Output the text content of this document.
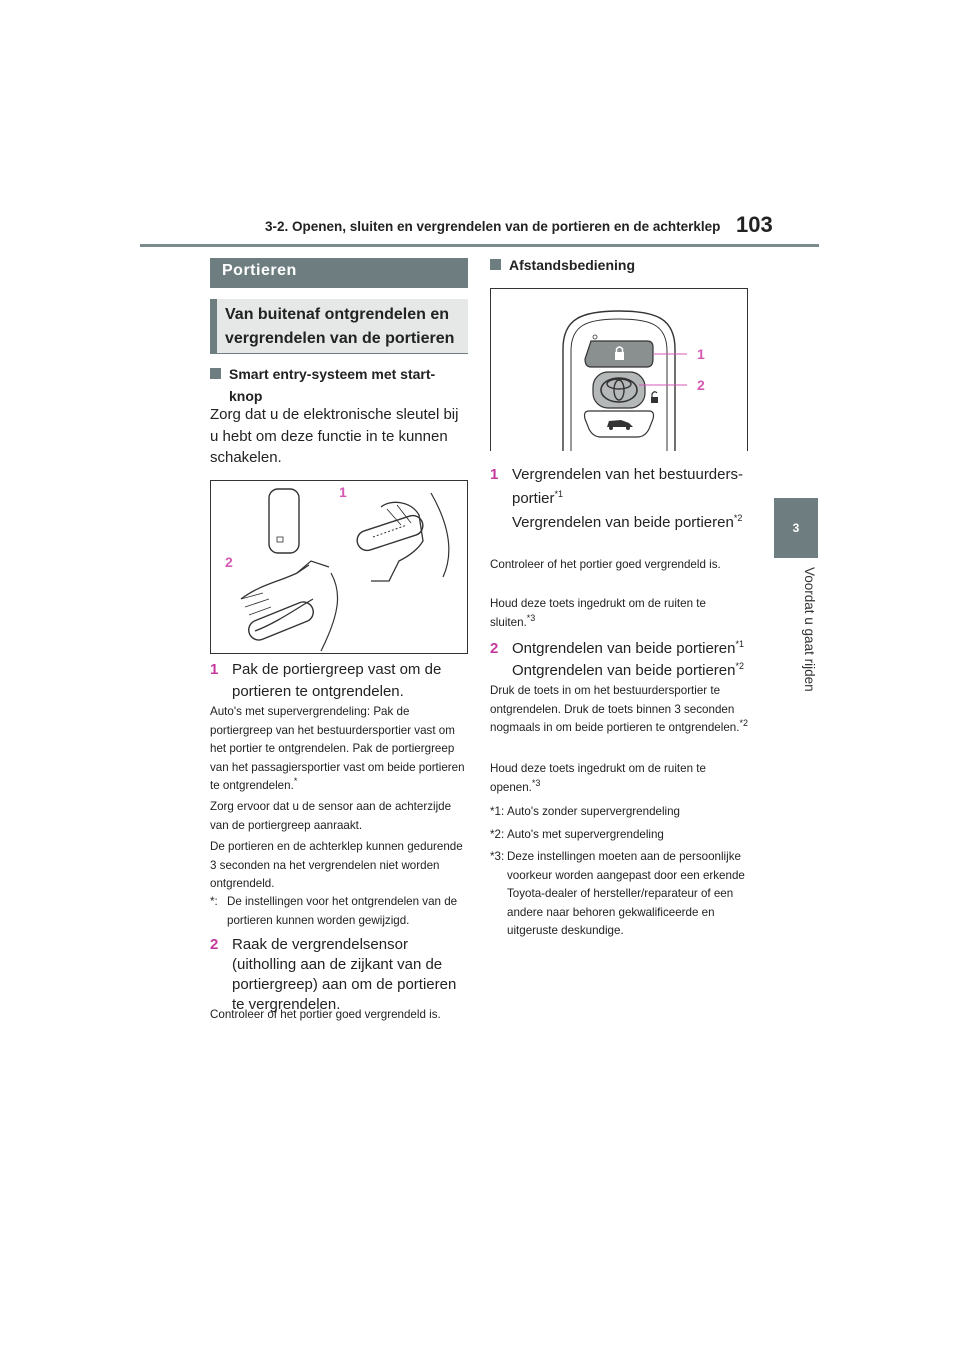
3-2. Openen, sluiten en vergrendelen van de portieren en de achterklep 103
3
Voordat u gaat rijden
Portieren
Van buitenaf ontgrendelen en vergrendelen van de portieren
Smart entry-systeem met start-
knop
Zorg dat u de elektronische sleutel bij u hebt om deze functie in te kunnen schakelen.
1
2
1 Pak de portiergreep vast om de portieren te ontgrendelen.
Auto's met supervergrendeling: Pak de portiergreep van het bestuurdersportier vast om het portier te ontgrendelen. Pak de portiergreep van het passagiersportier vast om beide portieren te ontgrendelen.*
Zorg ervoor dat u de sensor aan de achterzijde van de portiergreep aanraakt.
De portieren en de achterklep kunnen gedurende 3 seconden na het vergrendelen niet worden ontgrendeld.
*: De instellingen voor het ontgrendelen van de portieren kunnen worden gewijzigd.
2 Raak de vergrendelsensor (uitholling aan de zijkant van de portiergreep) aan om de portieren te vergrendelen.
Controleer of het portier goed vergrendeld is.
Afstandsbediening
1
2
1 Vergrendelen van het bestuurders-
portier$^{*1}$
Vergrendelen van beide portieren$^{*2}$
Controleer of het portier goed vergrendeld is.
Houd deze toets ingedrukt om de ruiten te sluiten.$^{*3}$
2 Ontgrendelen van beide portieren$^{*1}$
Ontgrendelen van beide portieren$^{*2}$
Druk de toets in om het bestuurdersportier te ontgrendelen. Druk de toets binnen 3 seconden nogmaals in om beide portieren te ontgrendelen.$^{*2}$
Houd deze toets ingedrukt om de ruiten te openen.$^{*3}$
*1: Auto's zonder supervergrendeling
*2: Auto's met supervergrendeling
*3: Deze instellingen moeten aan de persoonlijke voorkeur worden aangepast door een erkende Toyota-dealer of hersteller/reparateur of een andere naar behoren gekwalificeerde en uitgeruste deskundige.
